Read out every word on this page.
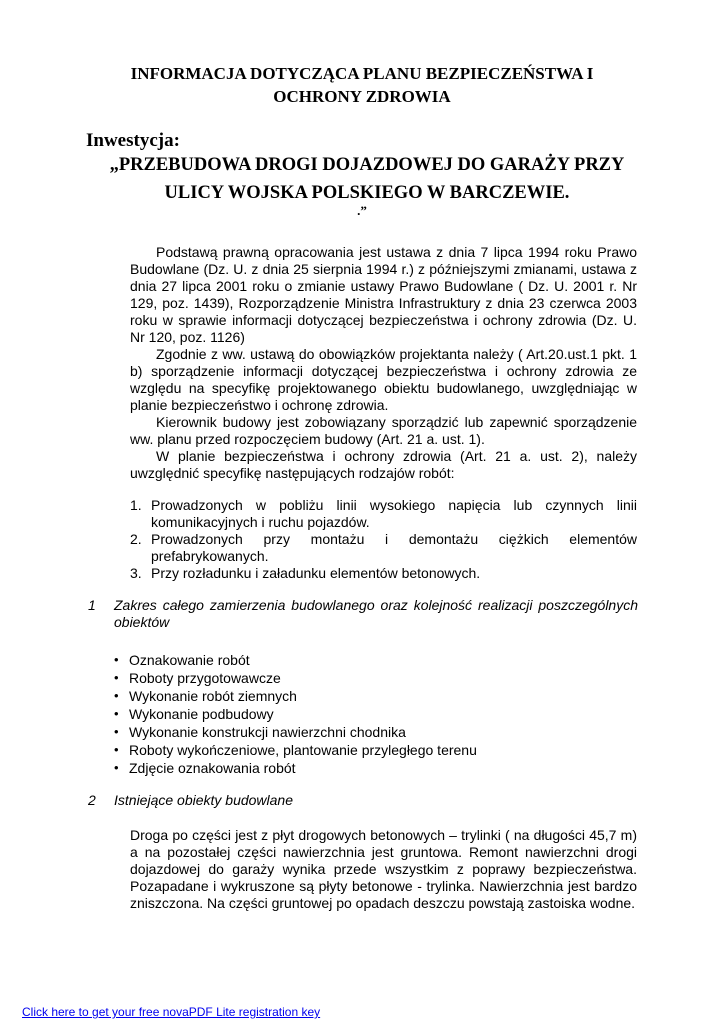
INFORMACJA DOTYCZĄCA PLANU BEZPIECZEŃSTWA I
OCHRONY ZDROWIA
Inwestycja:
„PRZEBUDOWA DROGI DOJAZDOWEJ DO GARAŻY PRZY
ULICY WOJSKA POLSKIEGO W BARCZEWIE.
.”

Podstawą prawną opracowania jest ustawa z dnia 7 lipca 1994 roku Prawo Budowlane (Dz. U. z dnia 25 sierpnia 1994 r.) z późniejszymi zmianami, ustawa z dnia 27 lipca 2001 roku o zmianie ustawy Prawo Budowlane ( Dz. U. 2001 r. Nr 129, poz. 1439), Rozporządzenie Ministra Infrastruktury z dnia 23 czerwca 2003 roku w sprawie informacji dotyczącej bezpieczeństwa i ochrony zdrowia (Dz. U. Nr 120, poz. 1126)

Zgodnie z ww. ustawą do obowiązków projektanta należy ( Art.20.ust.1 pkt. 1 b) sporządzenie informacji dotyczącej bezpieczeństwa i ochrony zdrowia ze względu na specyfikę projektowanego obiektu budowlanego, uwzględniając w planie bezpieczeństwo i ochronę zdrowia.

Kierownik budowy jest zobowiązany sporządzić lub zapewnić sporządzenie ww. planu przed rozpoczęciem budowy (Art. 21 a. ust. 1).

W planie bezpieczeństwa i ochrony zdrowia (Art. 21 a. ust. 2), należy uwzględnić specyfikę następujących rodzajów robót:

1. Prowadzonych w pobliżu linii wysokiego napięcia lub czynnych linii komunikacyjnych i ruchu pojazdów.
2. Prowadzonych przy montażu i demontażu ciężkich elementów prefabrykowanych.
3. Przy rozładunku i załadunku elementów betonowych.
1 Zakres całego zamierzenia budowlanego oraz kolejność realizacji poszczególnych obiektów
• Oznakowanie robót
• Roboty przygotowawcze
• Wykonanie robót ziemnych
• Wykonanie podbudowy
• Wykonanie konstrukcji nawierzchni chodnika
• Roboty wykończeniowe, plantowanie przyległego terenu
• Zdjęcie oznakowania robót
2 Istniejące obiekty budowlane

Droga po części jest z płyt drogowych betonowych – trylinki ( na długości 45,7 m) a na pozostałej części nawierzchnia jest gruntowa. Remont nawierzchni drogi dojazdowej do garaży wynika przede wszystkim z poprawy bezpieczeństwa. Pozapadane i wykruszone są płyty betonowe - trylinka. Nawierzchnia jest bardzo zniszczona. Na części gruntowej po opadach deszczu powstają zastoiska wodne.

Click here to get your free novaPDF Lite registration key
